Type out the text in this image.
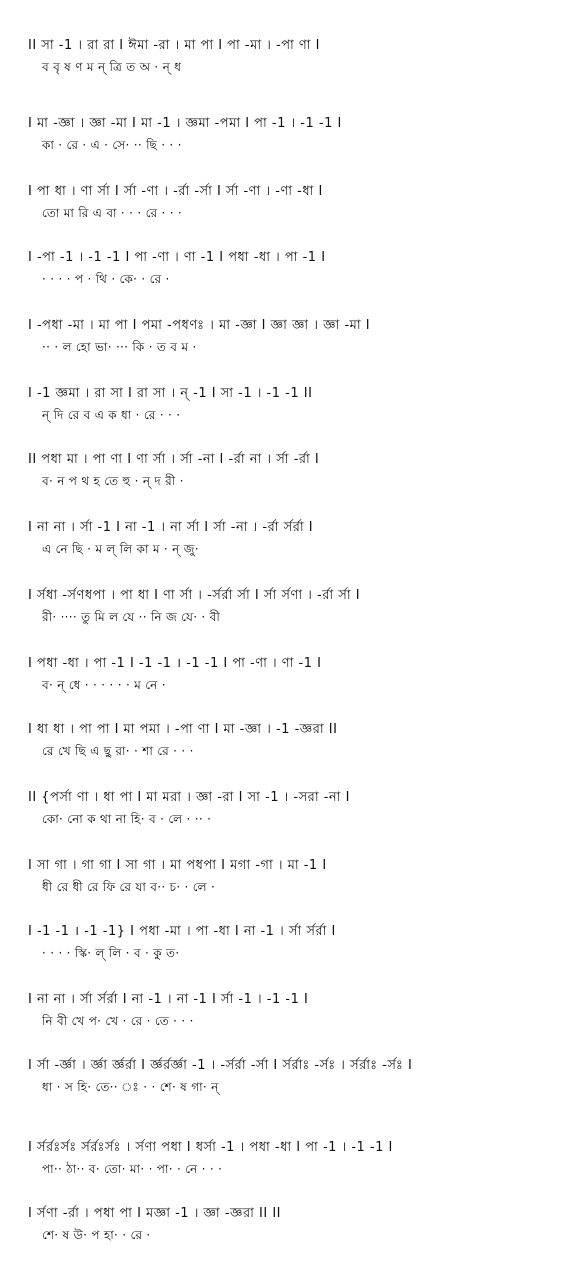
II সা -1 । রা রা I ঈমা -রা । মা পা I পা -মা । -পা ণা I
ব বৃ ষ ণ ম ন্ ত্রি ত অ · ন্ ধ
I মা -জ্ঞা । জ্ঞা -মা I মা -1 । জ্ঞমা -পমা I পা -1 । -1 -1 I
কা · রে · এ · সে· ·· ছি · · ·
I পা ধা । ণা র্সা I র্সা -ণা । -র্রা -র্সা I র্সা -ণা । -ণা -ধা I
তো মা রি এ বা · · · রে · · ·
I -পা -1 । -1 -1 I পা -ণা । ণা -1 I পধা -ধা । পা -1 I
· · · · প · থি · কে· · রে ·
I -পধা -মা । মা পা I পমা -পধণঃ । মা -জ্ঞা I জ্ঞা জ্ঞা । জ্ঞা -মা I
·· · ল হো ভা· ··· কি · ত ব ম ·
I -1 জ্ঞমা । রা সা I রা সা । ন্ -1 I সা -1 । -1 -1 II
ন্ দি রে ব এ ক ধা · রে · · ·
II পধা মা । পা ণা I ণা র্সা । র্সা -না I -র্রা না । র্সা -র্রা I
ব· ন প থ হ তে হু · ন্ দ রী ·
I না না । র্সা -1 I না -1 । না র্সা I র্সা -না । -র্রা র্সর্রা I
এ নে ছি · ম ল্ লি কা ম · ন্ জু·
I র্সধা -র্সণধপা । পা ধা I ণা র্সা । -র্সর্রা র্সা I র্সা র্সণা । -র্রা র্সা I
রী· ···· তু মি ল যে ·· নি জ যে· · বী
I পধা -ধা । পা -1 I -1 -1 । -1 -1 I পা -ণা । ণা -1 I
ব· ন্ ধে · · · · · · ম নে ·
I ধা ধা । পা পা I মা পমা । -পা ণা I মা -জ্ঞা । -1 -জ্ঞরা II
রে খে ছি এ ছু রা· · শা রে · · ·
II {পর্সা ণা । ধা পা I মা মরা । জ্ঞা -রা I সা -1 । -সরা -না I
কো· নো ক থা না হি· ব · লে · ·· ·
I সা গা । গা গা I সা গা । মা পধপা I মগা -গা । মা -1 I
ধী রে ধী রে ফি রে যা ব·· চ· · লে ·
I -1 -1 । -1 -1} I পধা -মা । পা -ধা I না -1 । র্সা র্সর্রা I
· · · · স্কি· ল্ লি · ব · কু ত·
I না না । র্সা র্সর্রা I না -1 । না -1 I র্সা -1 । -1 -1 I
নি বী খে প· খে · রে · তে · · ·
I র্সা -র্জ্ঞা । র্জ্ঞা র্জ্ঞর্রা I র্জ্ঞর্রর্জ্ঞা -1 । -র্সর্রা -র্সা I র্সর্রাঃ -র্সঃ । র্সর্রাঃ -র্সঃ I
ধা · স হি· তে·· ঃ · · শে· ষ গা· ন্
I র্সর্রঃর্সঃ র্সর্রঃর্সঃ । র্সণা পধা I ধর্সা -1 । পধা -ধা I পা -1 । -1 -1 I
পা·· ঠা·· ব· তো· মা· · পা· · নে · · ·
I র্সণা -র্রা । পধা পা I মজ্ঞা -1 । জ্ঞা -জ্ঞরা II II
শে· ষ উ· প হা· · রে ·
